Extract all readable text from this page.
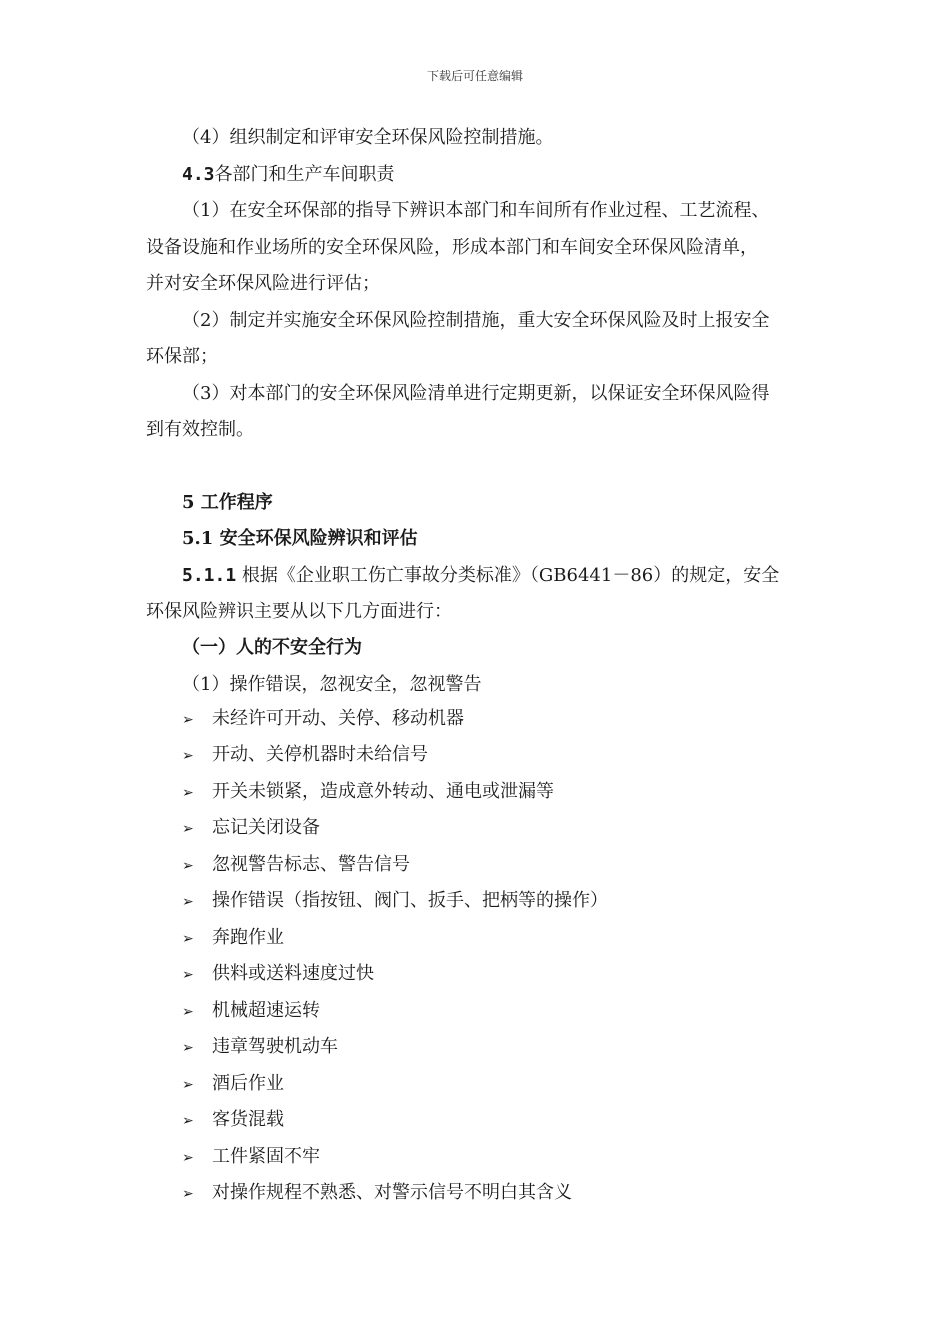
下载后可任意编辑
（4）组织制定和评审安全环保风险控制措施。
4.3各部门和生产车间职责
（1）在安全环保部的指导下辨识本部门和车间所有作业过程、工艺流程、
设备设施和作业场所的安全环保风险，形成本部门和车间安全环保风险清单，
并对安全环保风险进行评估；
（2）制定并实施安全环保风险控制措施，重大安全环保风险及时上报安全
环保部；
（3）对本部门的安全环保风险清单进行定期更新，以保证安全环保风险得
到有效控制。
5 工作程序
5.1 安全环保风险辨识和评估
5.1.1 根据《企业职工伤亡事故分类标准》（GB6441－86）的规定，安全
环保风险辨识主要从以下几方面进行：
（一）人的不安全行为
（1）操作错误，忽视安全，忽视警告
➢ 未经许可开动、关停、移动机器
➢ 开动、关停机器时未给信号
➢ 开关未锁紧，造成意外转动、通电或泄漏等
➢ 忘记关闭设备
➢ 忽视警告标志、警告信号
➢ 操作错误（指按钮、阀门、扳手、把柄等的操作）
➢ 奔跑作业
➢ 供料或送料速度过快
➢ 机械超速运转
➢ 违章驾驶机动车
➢ 酒后作业
➢ 客货混载
➢ 工件紧固不牢
➢ 对操作规程不熟悉、对警示信号不明白其含义
